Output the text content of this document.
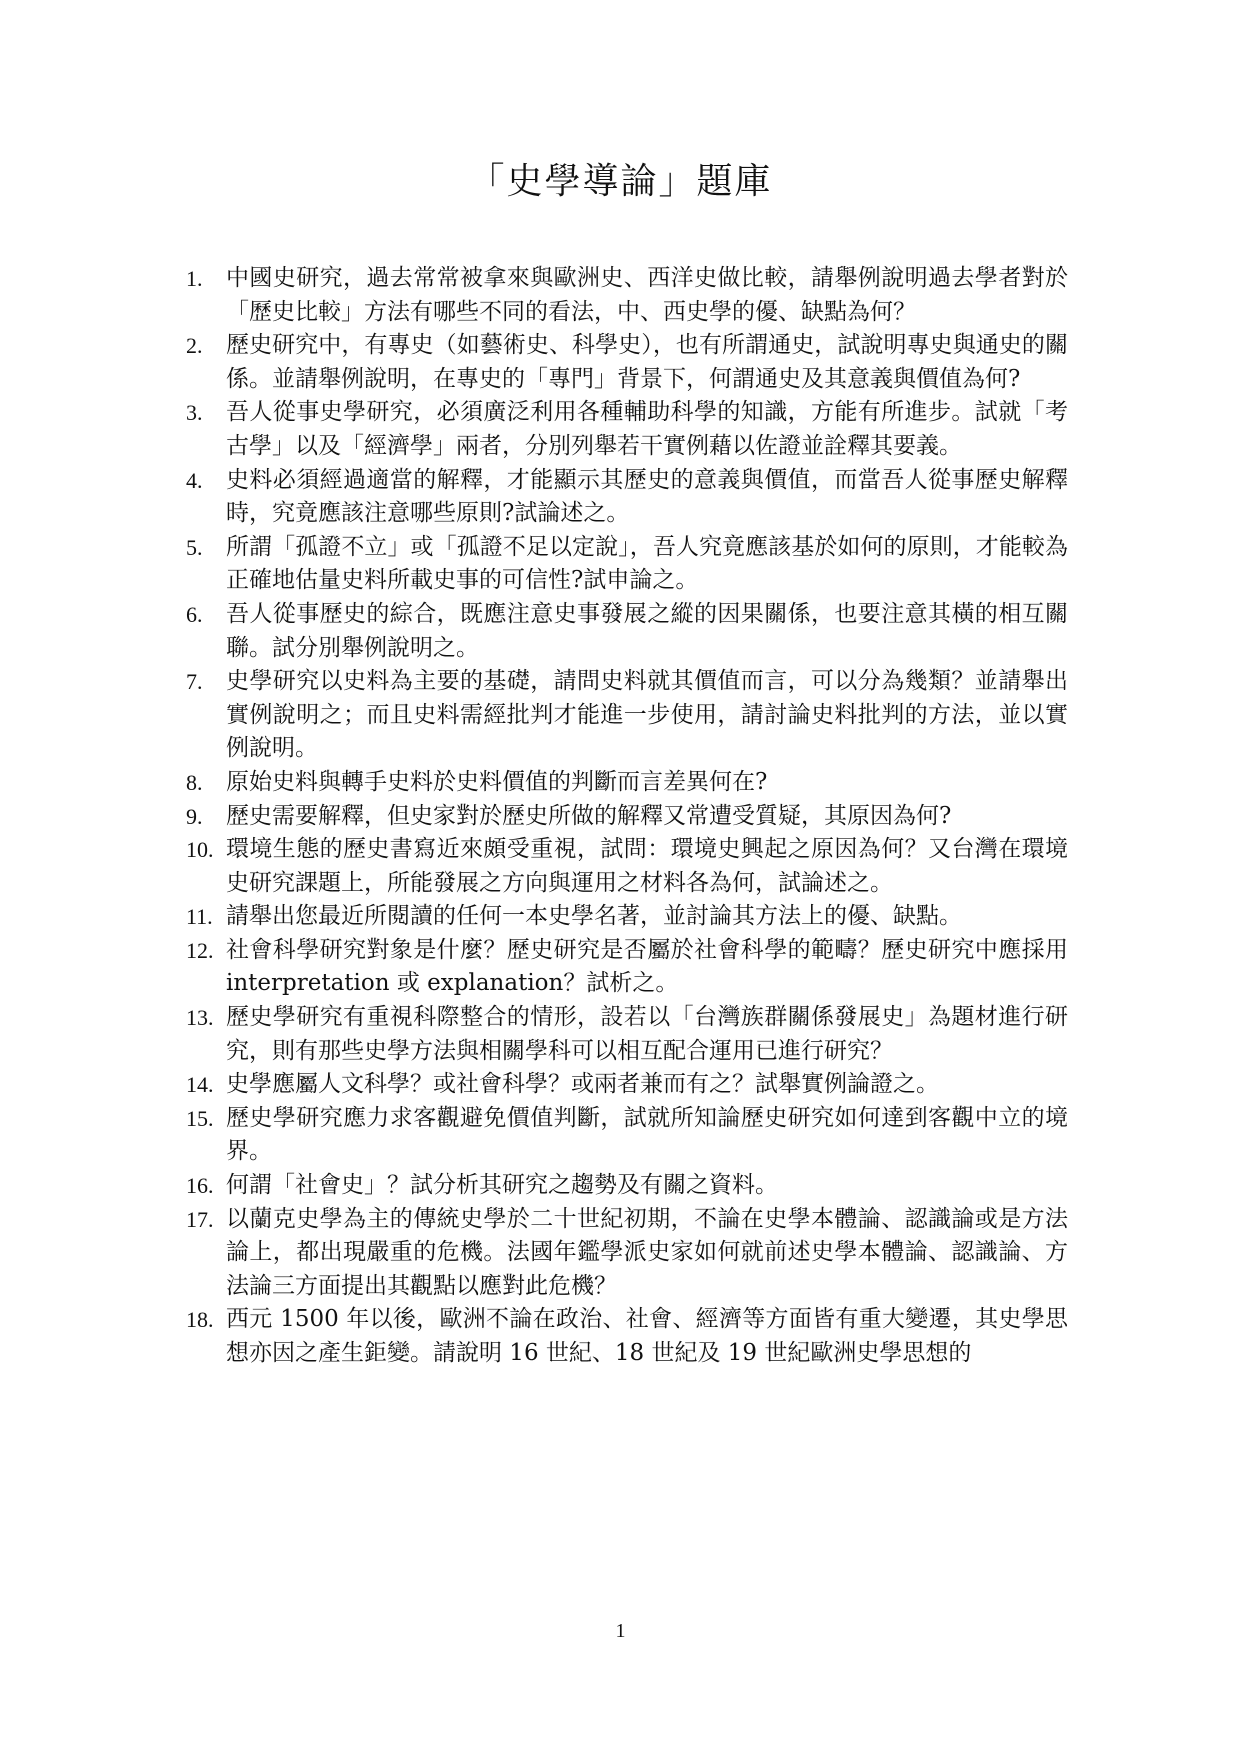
「史學導論」題庫
1. 中國史研究，過去常常被拿來與歐洲史、西洋史做比較，請舉例說明過去學者對於「歷史比較」方法有哪些不同的看法，中、西史學的優、缺點為何？
2. 歷史研究中，有專史（如藝術史、科學史），也有所謂通史，試說明專史與通史的關係。並請舉例說明，在專史的「專門」背景下，何謂通史及其意義與價值為何?
3. 吾人從事史學研究，必須廣泛利用各種輔助科學的知識，方能有所進步。試就「考古學」以及「經濟學」兩者，分別列舉若干實例藉以佐證並詮釋其要義。
4. 史料必須經過適當的解釋，才能顯示其歷史的意義與價值，而當吾人從事歷史解釋時，究竟應該注意哪些原則?試論述之。
5. 所謂「孤證不立」或「孤證不足以定說」，吾人究竟應該基於如何的原則，才能較為正確地估量史料所載史事的可信性?試申論之。
6. 吾人從事歷史的綜合，既應注意史事發展之縱的因果關係，也要注意其橫的相互關聯。試分別舉例說明之。
7. 史學研究以史料為主要的基礎，請問史料就其價值而言，可以分為幾類？並請舉出實例說明之；而且史料需經批判才能進一步使用，請討論史料批判的方法，並以實例說明。
8. 原始史料與轉手史料於史料價值的判斷而言差異何在?
9. 歷史需要解釋，但史家對於歷史所做的解釋又常遭受質疑，其原因為何?
10. 環境生態的歷史書寫近來頗受重視，試問：環境史興起之原因為何？又台灣在環境史研究課題上，所能發展之方向與運用之材料各為何，試論述之。
11. 請舉出您最近所閱讀的任何一本史學名著，並討論其方法上的優、缺點。
12. 社會科學研究對象是什麼？歷史研究是否屬於社會科學的範疇？歷史研究中應採用 interpretation 或 explanation？試析之。
13. 歷史學研究有重視科際整合的情形，設若以「台灣族群關係發展史」為題材進行研究，則有那些史學方法與相關學科可以相互配合運用已進行研究？
14. 史學應屬人文科學？或社會科學？或兩者兼而有之？試舉實例論證之。
15. 歷史學研究應力求客觀避免價值判斷，試就所知論歷史研究如何達到客觀中立的境界。
16. 何謂「社會史」？試分析其研究之趨勢及有關之資料。
17. 以蘭克史學為主的傳統史學於二十世紀初期，不論在史學本體論、認識論或是方法論上，都出現嚴重的危機。法國年鑑學派史家如何就前述史學本體論、認識論、方法論三方面提出其觀點以應對此危機？
18. 西元 1500 年以後，歐洲不論在政治、社會、經濟等方面皆有重大變遷，其史學思想亦因之產生鉅變。請說明 16 世紀、18 世紀及 19 世紀歐洲史學思想的
1
